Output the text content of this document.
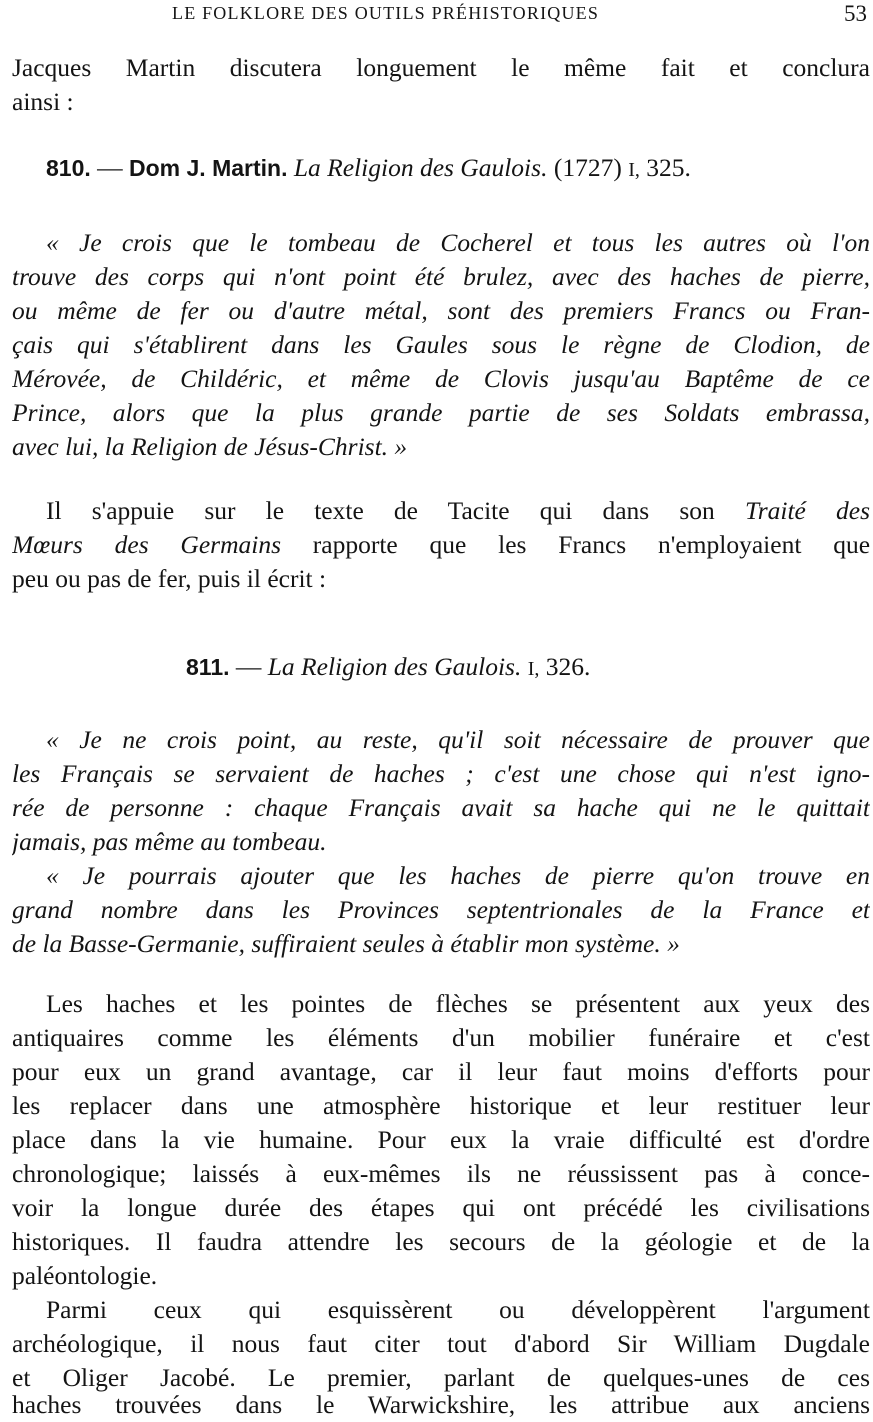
LE FOLKLORE DES OUTILS PRÉHISTORIQUES	53
Jacques Martin discutera longuement le même fait et conclura
ainsi :
810. — Dom J. Martin. La Religion des Gaulois. (1727) I, 325.
« Je crois que le tombeau de Cocherel et tous les autres où l'on
trouve des corps qui n'ont point été brulez, avec des haches de pierre,
ou même de fer ou d'autre métal, sont des premiers Francs ou Fran-
çais qui s'établirent dans les Gaules sous le règne de Clodion, de
Mérovée, de Childéric, et même de Clovis jusqu'au Baptême de ce
Prince, alors que la plus grande partie de ses Soldats embrassa,
avec lui, la Religion de Jésus-Christ. »
Il s'appuie sur le texte de Tacite qui dans son Traité des
Mœurs des Germains rapporte que les Francs n'employaient que
peu ou pas de fer, puis il écrit :
811. — La Religion des Gaulois. I, 326.
« Je ne crois point, au reste, qu'il soit nécessaire de prouver que
les Français se servaient de haches ; c'est une chose qui n'est igno-
rée de personne : chaque Français avait sa hache qui ne le quittait
jamais, pas même au tombeau.
« Je pourrais ajouter que les haches de pierre qu'on trouve en
grand nombre dans les Provinces septentrionales de la France et
de la Basse-Germanie, suffiraient seules à établir mon système. »
Les haches et les pointes de flèches se présentent aux yeux des
antiquaires comme les éléments d'un mobilier funéraire et c'est
pour eux un grand avantage, car il leur faut moins d'efforts pour
les replacer dans une atmosphère historique et leur restituer leur
place dans la vie humaine. Pour eux la vraie difficulté est d'ordre
chronologique; laissés à eux-mêmes ils ne réussissent pas à conce-
voir la longue durée des étapes qui ont précédé les civilisations
historiques. Il faudra attendre les secours de la géologie et de la
paléontologie.
Parmi ceux qui esquissèrent ou développèrent l'argument
archéologique, il nous faut citer tout d'abord Sir William Dugdale
et Oliger Jacobé. Le premier, parlant de quelques-unes de ces
haches trouvées dans le Warwickshire, les attribue aux anciens
